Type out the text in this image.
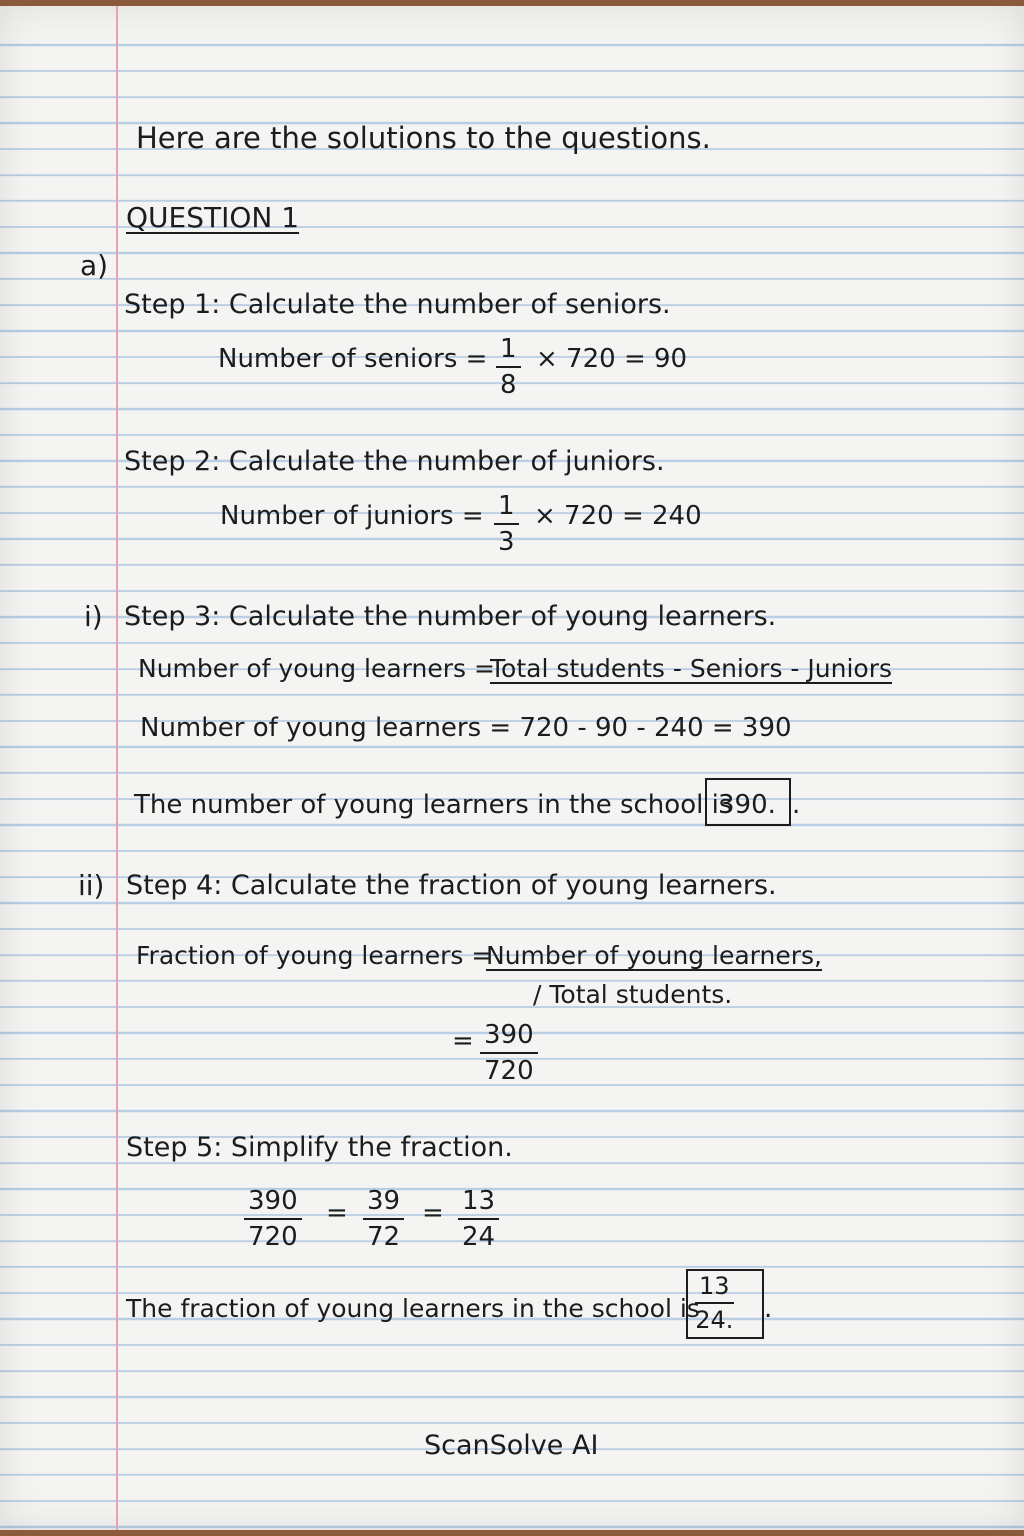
Here are the solutions to the questions.
QUESTION 1
a)
Step 1: Calculate the number of seniors.
Number of seniors = $\frac{1}{8} \times 720 = 90$
Step 2: Calculate the number of juniors.
Number of juniors = $\frac{1}{3} \times 720 = 240$
i) Step 3: Calculate the number of young learners.
Number of young learners =
Total students - Seniors - Juniors
Number of young learners = 720 - 90 - 240 = 390
The number of young learners in the school is
390. .
ii) Step 4: Calculate the fraction of young learners.
Fraction of young learners =
Number of young learners,
/ Total students.
= $\frac{390}{720}$
Step 5: Simplify the fraction.
$\frac{390}{720} = \frac{39}{72} = \frac{13}{24}$
The fraction of young learners in the school is
$\frac{13}{24.}$ .
ScanSolve AI
